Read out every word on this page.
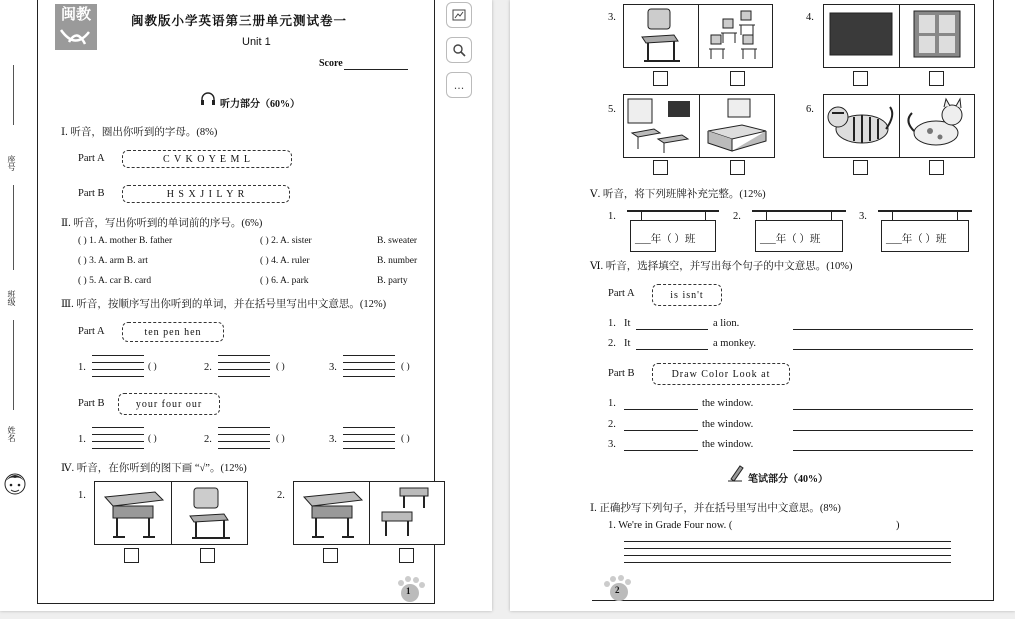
座号
班级
姓名
闽教	闽教版小学英语第三册单元测试卷一
Unit 1
Score
听力部分（60%）
Ⅰ. 听音，圈出你听到的字母。(8%)
Part A	C V K O Y E M L
Part B	H S X J I L Y R
Ⅱ. 听音，写出你听到的单词前的序号。(6%)
( ) 1. A. mother B. father	( ) 2. A. sister	B. sweater
( ) 3. A. arm B. art	( ) 4. A. ruler	B. number
( ) 5. A. car B. card	( ) 6. A. park	B. party
Ⅲ. 听音，按顺序写出你听到的单词，并在括号里写出中文意思。(12%)
Part A	ten pen hen
1.	( )	2.	( )	3.	( )
Part B	your four our
1.	( )	2.	( )	3.	( )
Ⅳ. 听音，在你听到的图下画 “√”。(12%)
1.	2.
1
...
3.	4.
5.	6.
Ⅴ. 听音，将下列班牌补充完整。(12%)
1.
___年（ ）班
2.
___年（ ）班
3.
___年（ ）班
Ⅵ. 听音，选择填空，并写出每个句子的中文意思。(10%)
Part A	is isn't
1. It	a lion.
2. It	a monkey.
Part B	Draw Color Look at
1.	the window.
2.	the window.
3.	the window.
笔试部分（40%）
Ⅰ. 正确抄写下列句子，并在括号里写出中文意思。(8%)
1. We're in Grade Four now. (	)
2
